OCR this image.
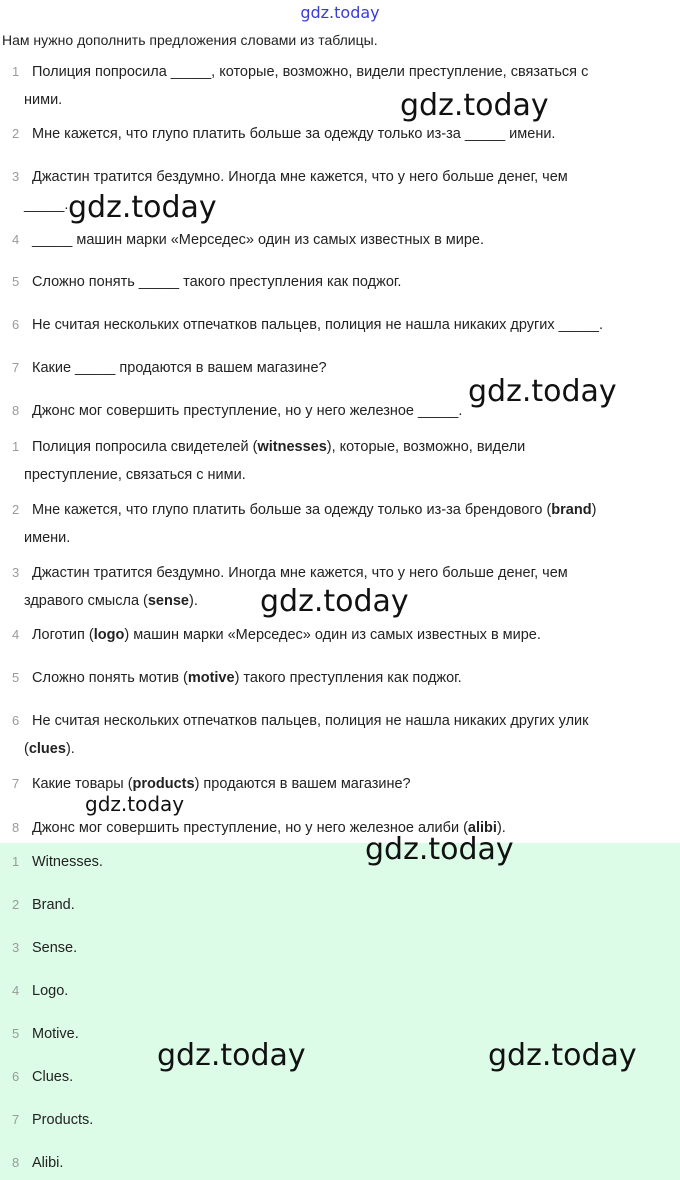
gdz.today
Нам нужно дополнить предложения словами из таблицы.
1 Полиция попросила _____, которые, возможно, видели преступление, связаться с
ними.
2 Мне кажется, что глупо платить больше за одежду только из-за _____ имени.
3 Джастин тратится бездумно. Иногда мне кажется, что у него больше денег, чем
_____.
4 _____ машин марки «Мерседес» один из самых известных в мире.
5 Сложно понять _____ такого преступления как поджог.
6 Не считая нескольких отпечатков пальцев, полиция не нашла никаких других _____.
7 Какие _____ продаются в вашем магазине?
8 Джонс мог совершить преступление, но у него железное _____.
1 Полиция попросила свидетелей (witnesses), которые, возможно, видели
преступление, связаться с ними.
2 Мне кажется, что глупо платить больше за одежду только из-за брендового (brand)
имени.
3 Джастин тратится бездумно. Иногда мне кажется, что у него больше денег, чем
здравого смысла (sense).
4 Логотип (logo) машин марки «Мерседес» один из самых известных в мире.
5 Сложно понять мотив (motive) такого преступления как поджог.
6 Не считая нескольких отпечатков пальцев, полиция не нашла никаких других улик
(clues).
7 Какие товары (products) продаются в вашем магазине?
8 Джонс мог совершить преступление, но у него железное алиби (alibi).
1 Witnesses.
2 Brand.
3 Sense.
4 Logo.
5 Motive.
6 Clues.
7 Products.
8 Alibi.
gdz.today
gdz.today
gdz.today
gdz.today
gdz.today
gdz.today
gdz.today	gdz.today
